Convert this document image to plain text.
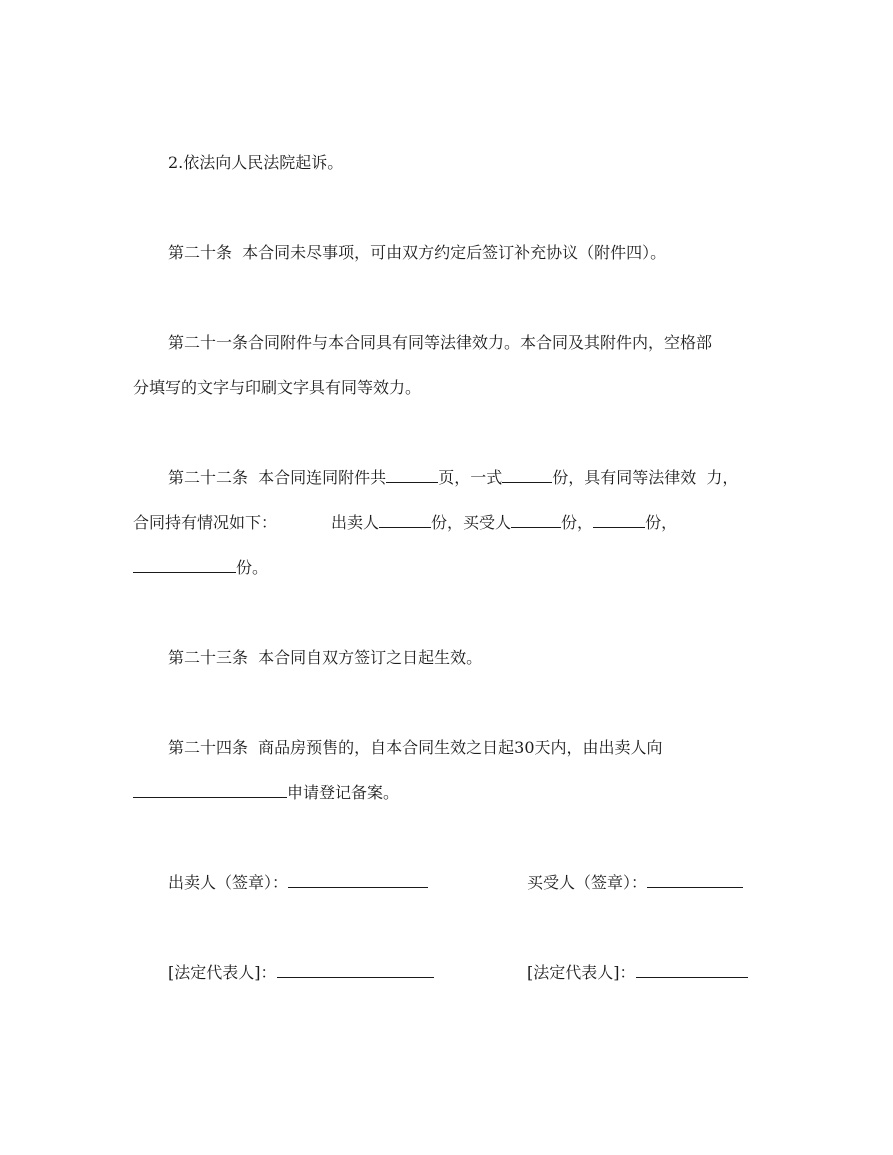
2.依法向人民法院起诉。

第二十条  本合同未尽事项，可由双方约定后签订补充协议（附件四）。

第二十一条合同附件与本合同具有同等法律效力。本合同及其附件内，空格部

分填写的文字与印刷文字具有同等效力。

第二十二条  本合同连同附件共	页，一式	份，具有同等法律效  力，

合同持有情况如下：	出卖人	份，买受人	份，	份，

份。

第二十三条  本合同自双方签订之日起生效。

第二十四条  商品房预售的，自本合同生效之日起30天内，由出卖人向

申请登记备案。

出卖人（签章）：	买受人（签章）：

[法定代表人]：	[法定代表人]：
